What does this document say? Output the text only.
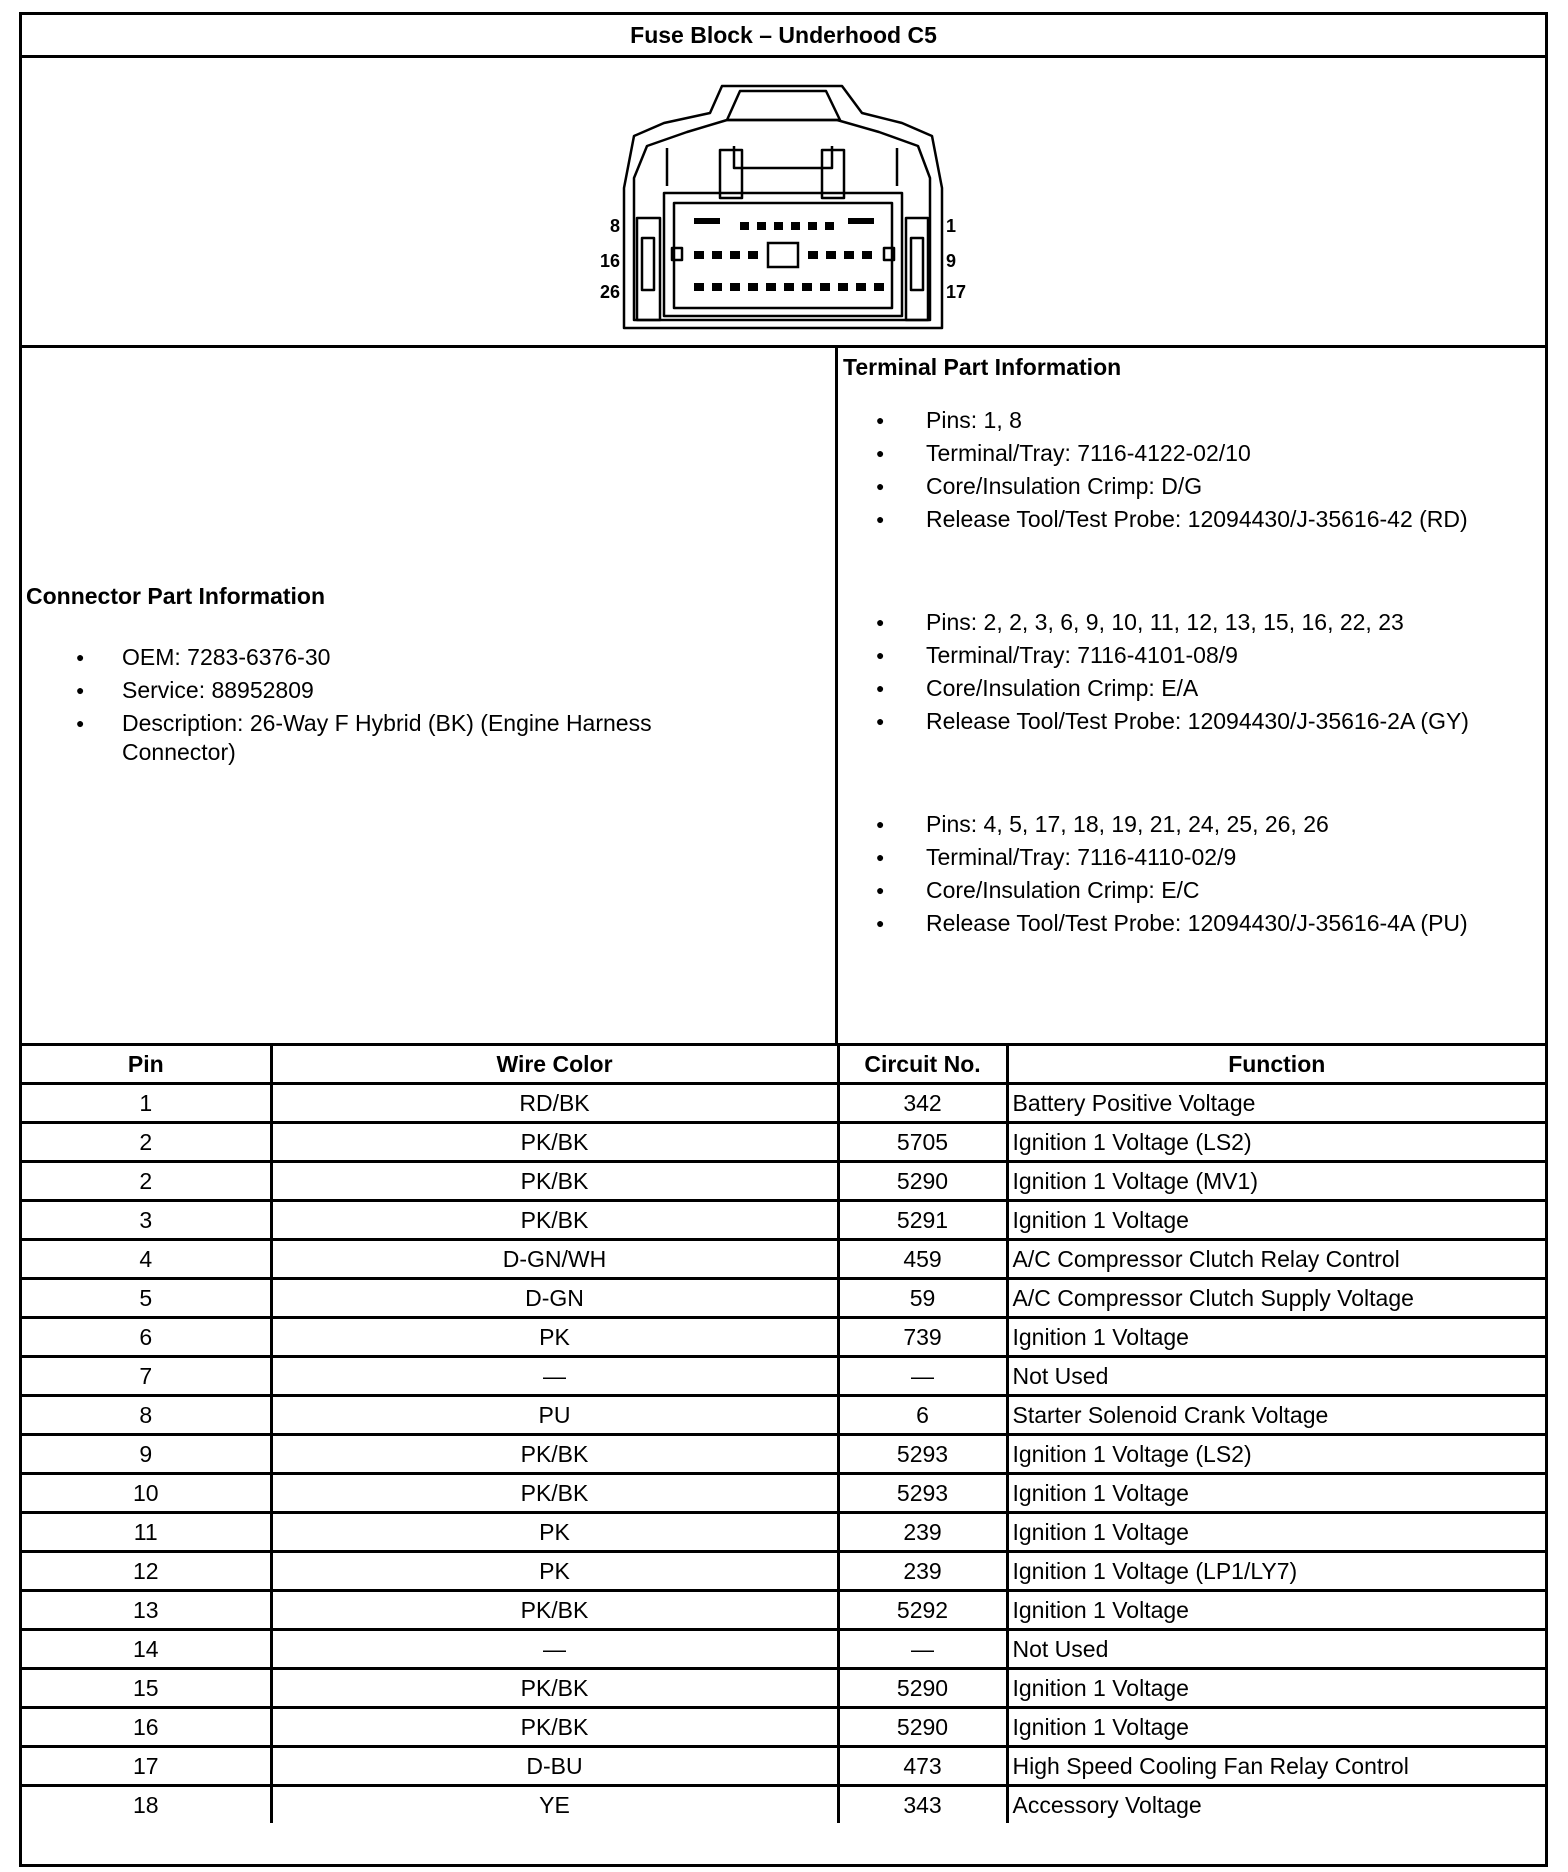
Fuse Block – Underhood C5
8
16
26
1
9
17
Connector Part Information
● OEM: 7283-6376-30
● Service: 88952809
● Description: 26-Way F Hybrid (BK) (Engine Harness Connector)
Terminal Part Information
● Pins: 1, 8
● Terminal/Tray: 7116-4122-02/10
● Core/Insulation Crimp: D/G
● Release Tool/Test Probe: 12094430/J-35616-42 (RD)
● Pins: 2, 2, 3, 6, 9, 10, 11, 12, 13, 15, 16, 22, 23
● Terminal/Tray: 7116-4101-08/9
● Core/Insulation Crimp: E/A
● Release Tool/Test Probe: 12094430/J-35616-2A (GY)
● Pins: 4, 5, 17, 18, 19, 21, 24, 25, 26, 26
● Terminal/Tray: 7116-4110-02/9
● Core/Insulation Crimp: E/C
● Release Tool/Test Probe: 12094430/J-35616-4A (PU)
Pin	Wire Color	Circuit No.	Function
1	RD/BK	342	Battery Positive Voltage
2	PK/BK	5705	Ignition 1 Voltage (LS2)
2	PK/BK	5290	Ignition 1 Voltage (MV1)
3	PK/BK	5291	Ignition 1 Voltage
4	D-GN/WH	459	A/C Compressor Clutch Relay Control
5	D-GN	59	A/C Compressor Clutch Supply Voltage
6	PK	739	Ignition 1 Voltage
7	—	—	Not Used
8	PU	6	Starter Solenoid Crank Voltage
9	PK/BK	5293	Ignition 1 Voltage (LS2)
10	PK/BK	5293	Ignition 1 Voltage
11	PK	239	Ignition 1 Voltage
12	PK	239	Ignition 1 Voltage (LP1/LY7)
13	PK/BK	5292	Ignition 1 Voltage
14	—	—	Not Used
15	PK/BK	5290	Ignition 1 Voltage
16	PK/BK	5290	Ignition 1 Voltage
17	D-BU	473	High Speed Cooling Fan Relay Control
18	YE	343	Accessory Voltage
